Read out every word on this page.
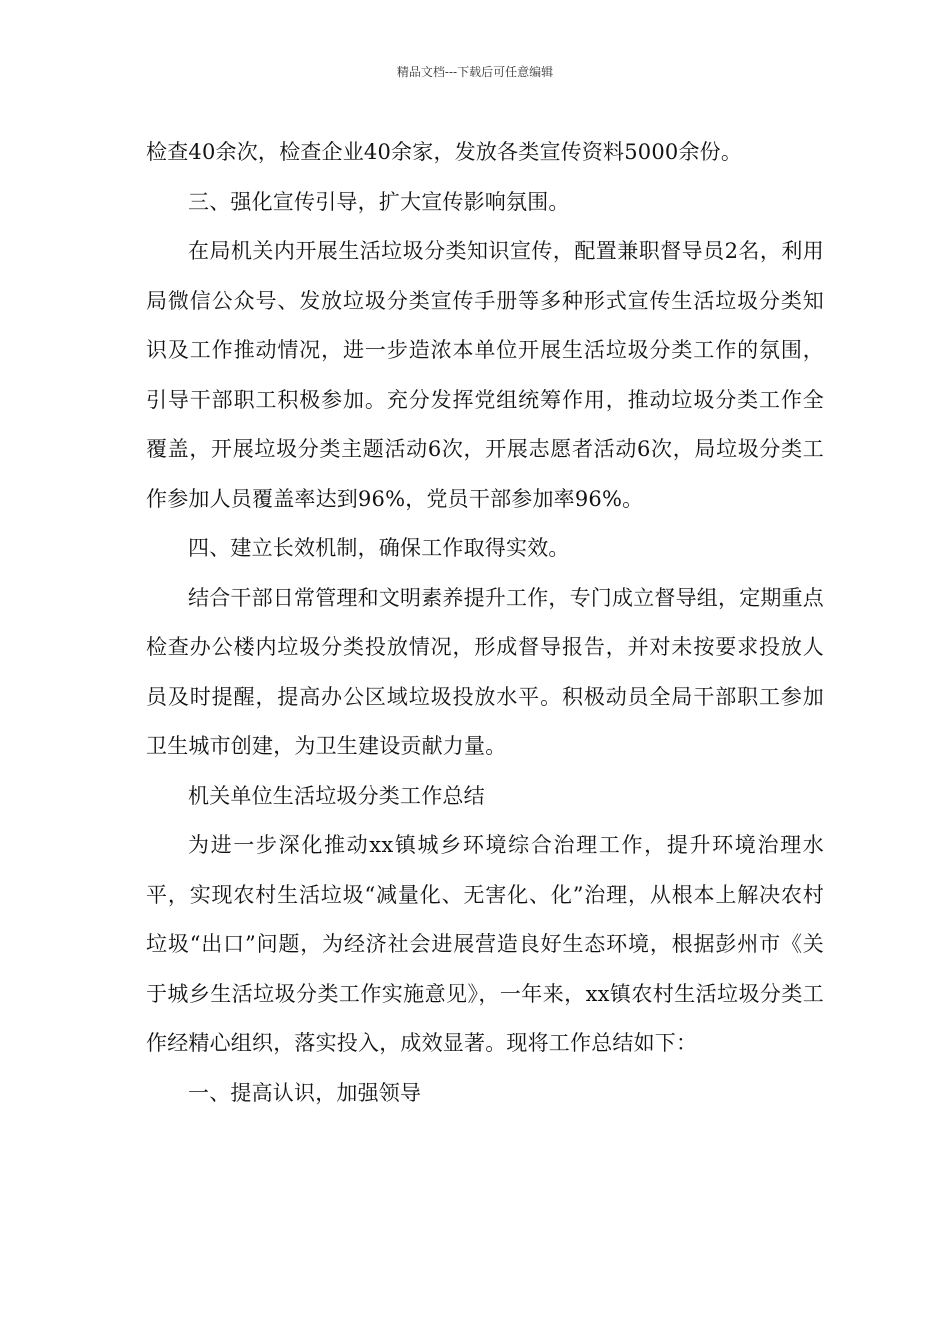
精品文档---下载后可任意编辑

检查40余次，检查企业40余家，发放各类宣传资料5000余份。

三、强化宣传引导，扩大宣传影响氛围。

在局机关内开展生活垃圾分类知识宣传，配置兼职督导员2名，利用局微信公众号、发放垃圾分类宣传手册等多种形式宣传生活垃圾分类知识及工作推动情况，进一步造浓本单位开展生活垃圾分类工作的氛围，引导干部职工积极参加。充分发挥党组统筹作用，推动垃圾分类工作全覆盖，开展垃圾分类主题活动6次，开展志愿者活动6次，局垃圾分类工作参加人员覆盖率达到96%，党员干部参加率96%。

四、建立长效机制，确保工作取得实效。

结合干部日常管理和文明素养提升工作，专门成立督导组，定期重点检查办公楼内垃圾分类投放情况，形成督导报告，并对未按要求投放人员及时提醒，提高办公区域垃圾投放水平。积极动员全局干部职工参加卫生城市创建，为卫生建设贡献力量。

机关单位生活垃圾分类工作总结

为进一步深化推动xx镇城乡环境综合治理工作，提升环境治理水平，实现农村生活垃圾“减量化、无害化、化”治理，从根本上解决农村垃圾“出口”问题，为经济社会进展营造良好生态环境，根据彭州市《关于城乡生活垃圾分类工作实施意见》，一年来，xx镇农村生活垃圾分类工作经精心组织，落实投入，成效显著。现将工作总结如下：

一、提高认识，加强领导
